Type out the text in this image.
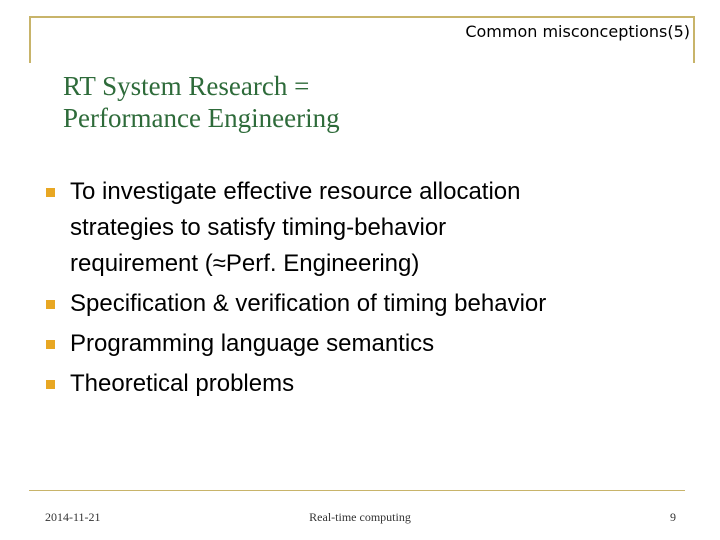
Common misconceptions(5)
RT System Research =
Performance Engineering
To investigate effective resource allocation
strategies to satisfy timing-behavior
requirement (≈Perf. Engineering)
Specification & verification of timing behavior
Programming language semantics
Theoretical problems
2014-11-21	Real-time computing	9
